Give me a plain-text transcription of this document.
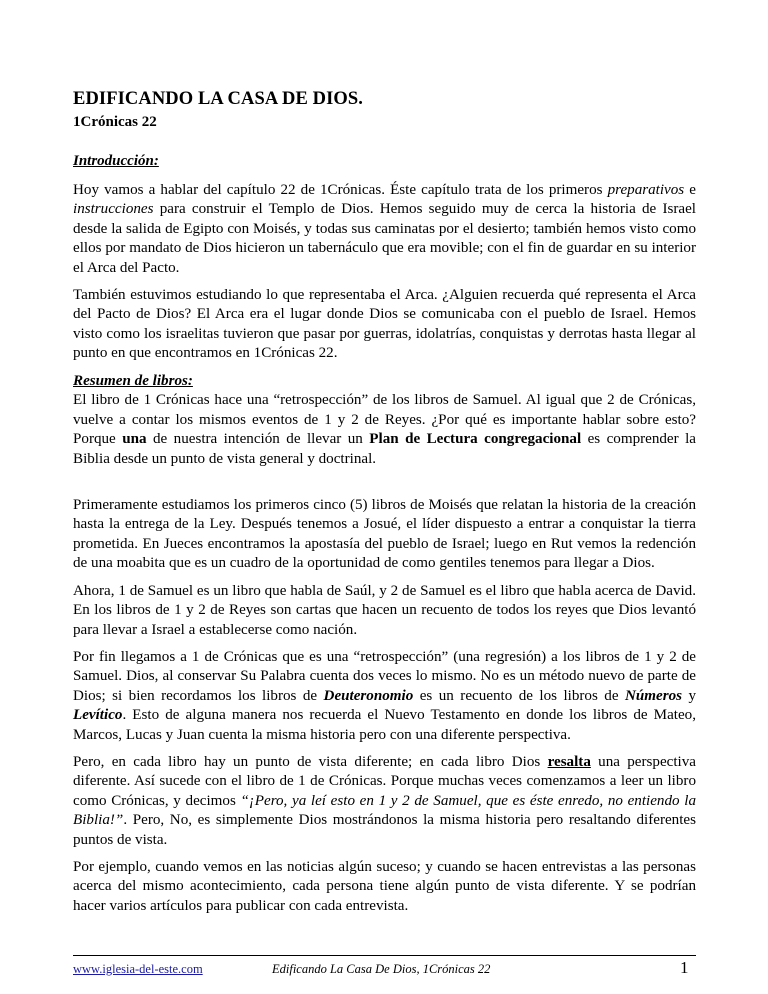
EDIFICANDO LA CASA DE DIOS.
1Crónicas 22
Introducción:

Hoy vamos a hablar del capítulo 22 de 1Crónicas. Éste capítulo trata de los primeros preparativos e instrucciones para construir el Templo de Dios. Hemos seguido muy de cerca la historia de Israel desde la salida de Egipto con Moisés, y todas sus caminatas por el desierto; también hemos visto como ellos por mandato de Dios hicieron un tabernáculo que era movible; con el fin de guardar en su interior el Arca del Pacto.

También estuvimos estudiando lo que representaba el Arca. ¿Alguien recuerda qué representa el Arca del Pacto de Dios? El Arca era el lugar donde Dios se comunicaba con el pueblo de Israel. Hemos visto como los israelitas tuvieron que pasar por guerras, idolatrías, conquistas y derrotas hasta llegar al punto en que encontramos en 1Crónicas 22.

Resumen de libros:

El libro de 1 Crónicas hace una “retrospección” de los libros de Samuel. Al igual que 2 de Crónicas, vuelve a contar los mismos eventos de 1 y 2 de Reyes. ¿Por qué es importante hablar sobre esto? Porque una de nuestra intención de llevar un Plan de Lectura congregacional es comprender la Biblia desde un punto de vista general y doctrinal.

Primeramente estudiamos los primeros cinco (5) libros de Moisés que relatan la historia de la creación hasta la entrega de la Ley. Después tenemos a Josué, el líder dispuesto a entrar a conquistar la tierra prometida. En Jueces encontramos la apostasía del pueblo de Israel; luego en Rut vemos la redención de una moabita que es un cuadro de la oportunidad de como gentiles tenemos para llegar a Dios.

Ahora, 1 de Samuel es un libro que habla de Saúl, y 2 de Samuel es el libro que habla acerca de David. En los libros de 1 y 2 de Reyes son cartas que hacen un recuento de todos los reyes que Dios levantó para llevar a Israel a establecerse como nación.

Por fin llegamos a 1 de Crónicas que es una “retrospección” (una regresión) a los libros de 1 y 2 de Samuel. Dios, al conservar Su Palabra cuenta dos veces lo mismo. No es un método nuevo de parte de Dios; si bien recordamos los libros de Deuteronomio es un recuento de los libros de Números y Levítico. Esto de alguna manera nos recuerda el Nuevo Testamento en donde los libros de Mateo, Marcos, Lucas y Juan cuenta la misma historia pero con una diferente perspectiva.

Pero, en cada libro hay un punto de vista diferente; en cada libro Dios resalta una perspectiva diferente. Así sucede con el libro de 1 de Crónicas. Porque muchas veces comenzamos a leer un libro como Crónicas, y decimos “¡Pero, ya leí esto en 1 y 2 de Samuel, que es éste enredo, no entiendo la Biblia!”. Pero, No, es simplemente Dios mostrándonos la misma historia pero resaltando diferentes puntos de vista.

Por ejemplo, cuando vemos en las noticias algún suceso; y cuando se hacen entrevistas a las personas acerca del mismo acontecimiento, cada persona tiene algún punto de vista diferente. Y se podrían hacer varios artículos para publicar con cada entrevista.

www.iglesia-del-este.com	Edificando La Casa De Dios, 1Crónicas 22	1
